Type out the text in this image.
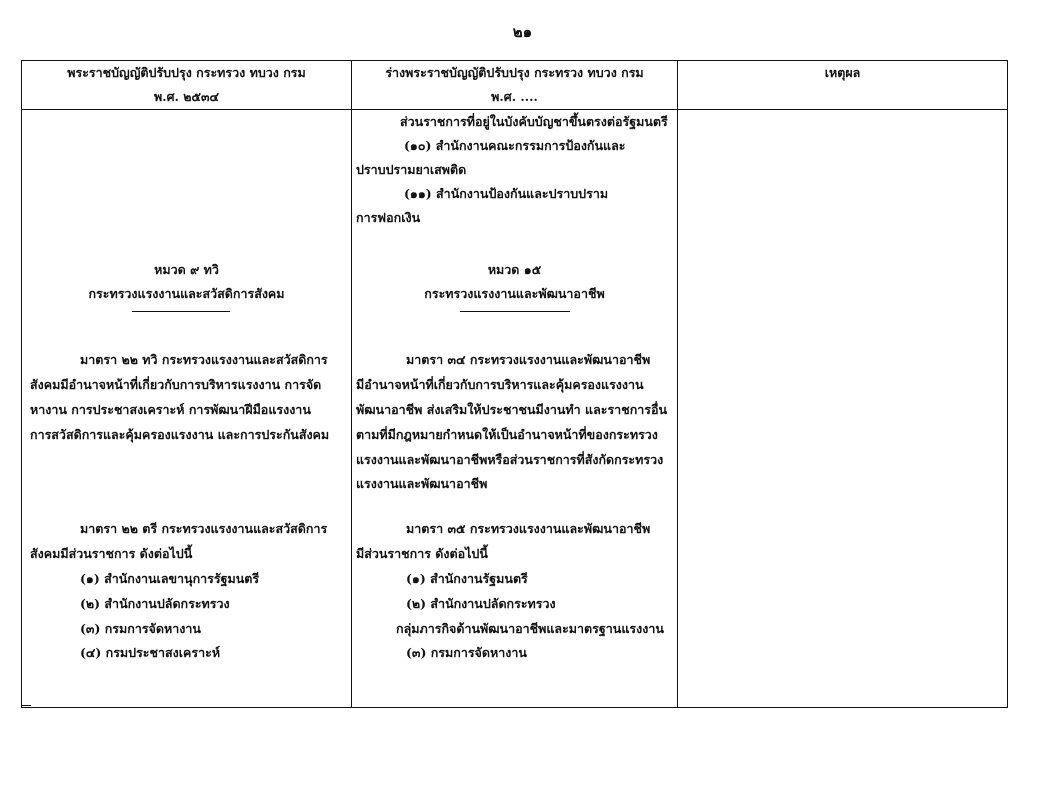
๒๑
พระราชบัญญัติปรับปรุง กระทรวง ทบวง กรม
พ.ศ. ๒๕๓๔
ร่างพระราชบัญญัติปรับปรุง กระทรวง ทบวง กรม
พ.ศ. ....
เหตุผล
หมวด ๙ ทวิ
กระทรวงแรงงานและสวัสดิการสังคม
มาตรา ๒๒ ทวิ กระทรวงแรงงานและสวัสดิการ
สังคมมีอำนาจหน้าที่เกี่ยวกับการบริหารแรงงาน การจัด
หางาน การประชาสงเคราะห์ การพัฒนาฝีมือแรงงาน
การสวัสดิการและคุ้มครองแรงงาน และการประกันสังคม
มาตรา ๒๒ ตรี กระทรวงแรงงานและสวัสดิการ
สังคมมีส่วนราชการ ดังต่อไปนี้
(๑) สำนักงานเลขานุการรัฐมนตรี
(๒) สำนักงานปลัดกระทรวง
(๓) กรมการจัดหางาน
(๔) กรมประชาสงเคราะห์
ส่วนราชการที่อยู่ในบังคับบัญชาขึ้นตรงต่อรัฐมนตรี
(๑๐) สำนักงานคณะกรรมการป้องกันและ
ปราบปรามยาเสพติด
(๑๑) สำนักงานป้องกันและปราบปราม
การฟอกเงิน
หมวด ๑๕
กระทรวงแรงงานและพัฒนาอาชีพ
มาตรา ๓๔ กระทรวงแรงงานและพัฒนาอาชีพ
มีอำนาจหน้าที่เกี่ยวกับการบริหารและคุ้มครองแรงงาน
พัฒนาอาชีพ ส่งเสริมให้ประชาชนมีงานทำ และราชการอื่น
ตามที่มีกฎหมายกำหนดให้เป็นอำนาจหน้าที่ของกระทรวง
แรงงานและพัฒนาอาชีพหรือส่วนราชการที่สังกัดกระทรวง
แรงงานและพัฒนาอาชีพ
มาตรา ๓๕ กระทรวงแรงงานและพัฒนาอาชีพ
มีส่วนราชการ ดังต่อไปนี้
(๑) สำนักงานรัฐมนตรี
(๒) สำนักงานปลัดกระทรวง
กลุ่มภารกิจด้านพัฒนาอาชีพและมาตรฐานแรงงาน
(๓) กรมการจัดหางาน
